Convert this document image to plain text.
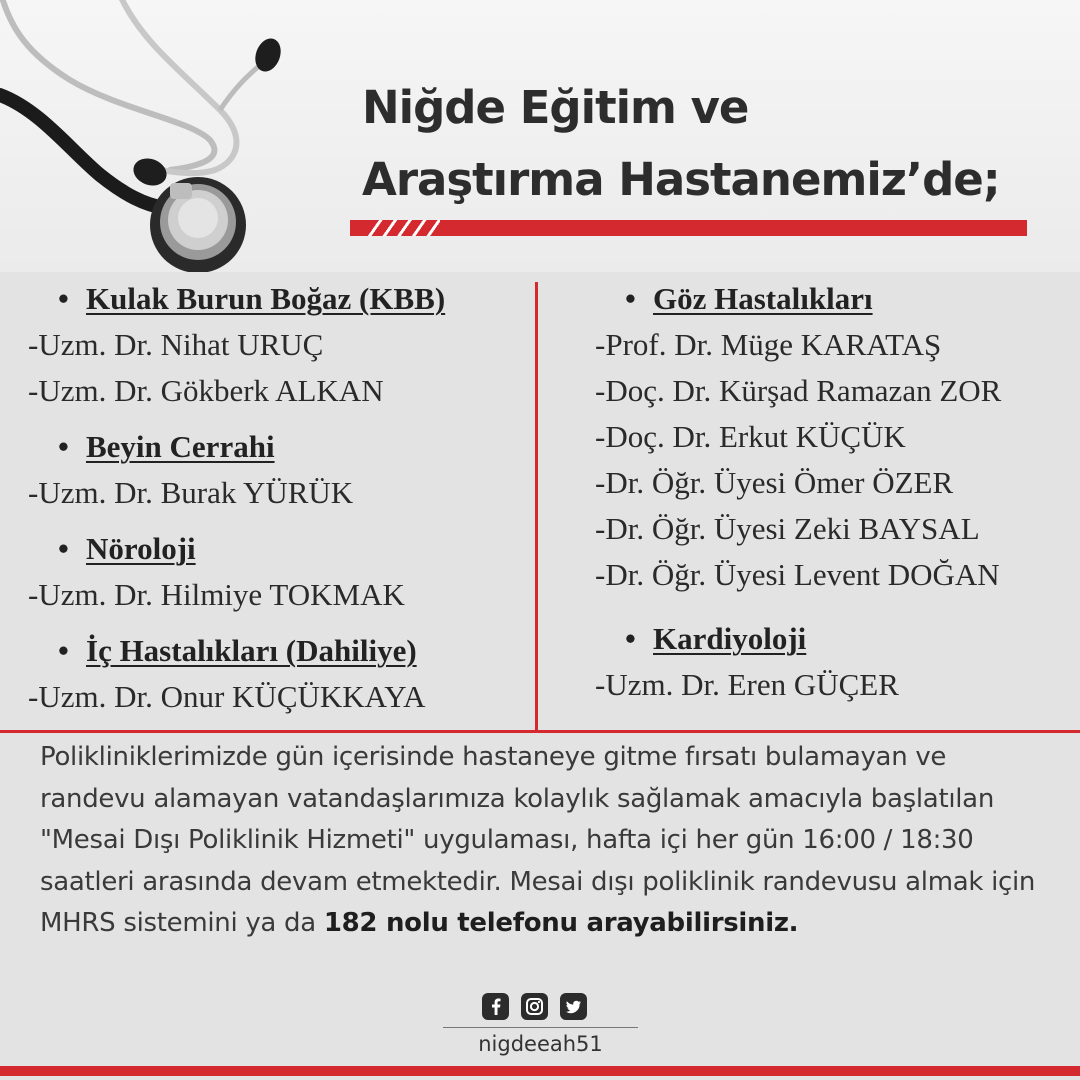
Niğde Eğitim ve
Araştırma Hastanemiz’de;
• Kulak Burun Boğaz (KBB)
-Uzm. Dr. Nihat URUÇ
-Uzm. Dr. Gökberk ALKAN
• Beyin Cerrahi
-Uzm. Dr. Burak YÜRÜK
• Nöroloji
-Uzm. Dr. Hilmiye TOKMAK
• İç Hastalıkları (Dahiliye)
-Uzm. Dr. Onur KÜÇÜKKAYA
• Göz Hastalıkları
-Prof. Dr. Müge KARATAŞ
-Doç. Dr. Kürşad Ramazan ZOR
-Doç. Dr. Erkut KÜÇÜK
-Dr. Öğr. Üyesi Ömer ÖZER
-Dr. Öğr. Üyesi Zeki BAYSAL
-Dr. Öğr. Üyesi Levent DOĞAN
• Kardiyoloji
-Uzm. Dr. Eren GÜÇER

Polikliniklerimizde gün içerisinde hastaneye gitme fırsatı bulamayan ve randevu alamayan vatandaşlarımıza kolaylık sağlamak amacıyla başlatılan "Mesai Dışı Poliklinik Hizmeti" uygulaması, hafta içi her gün 16:00 / 18:30 saatleri arasında devam etmektedir. Mesai dışı poliklinik randevusu almak için MHRS sistemini ya da 182 nolu telefonu arayabilirsiniz.

nigdeeah51
